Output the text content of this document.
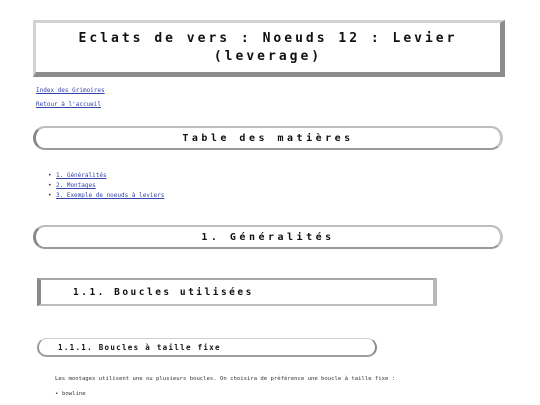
Eclats de vers : Noeuds 12 : Levier (leverage)
Index des Grimoires
Retour à l'accueil
Table des matières
• 1. Généralités
• 2. Montages
• 3. Exemple de noeuds à leviers
1. Généralités
1.1. Boucles utilisées
1.1.1. Boucles à taille fixe

Les montages utilisent une ou plusieurs boucles. On choisira de préférence une boucle à taille fixe :

• bowline
